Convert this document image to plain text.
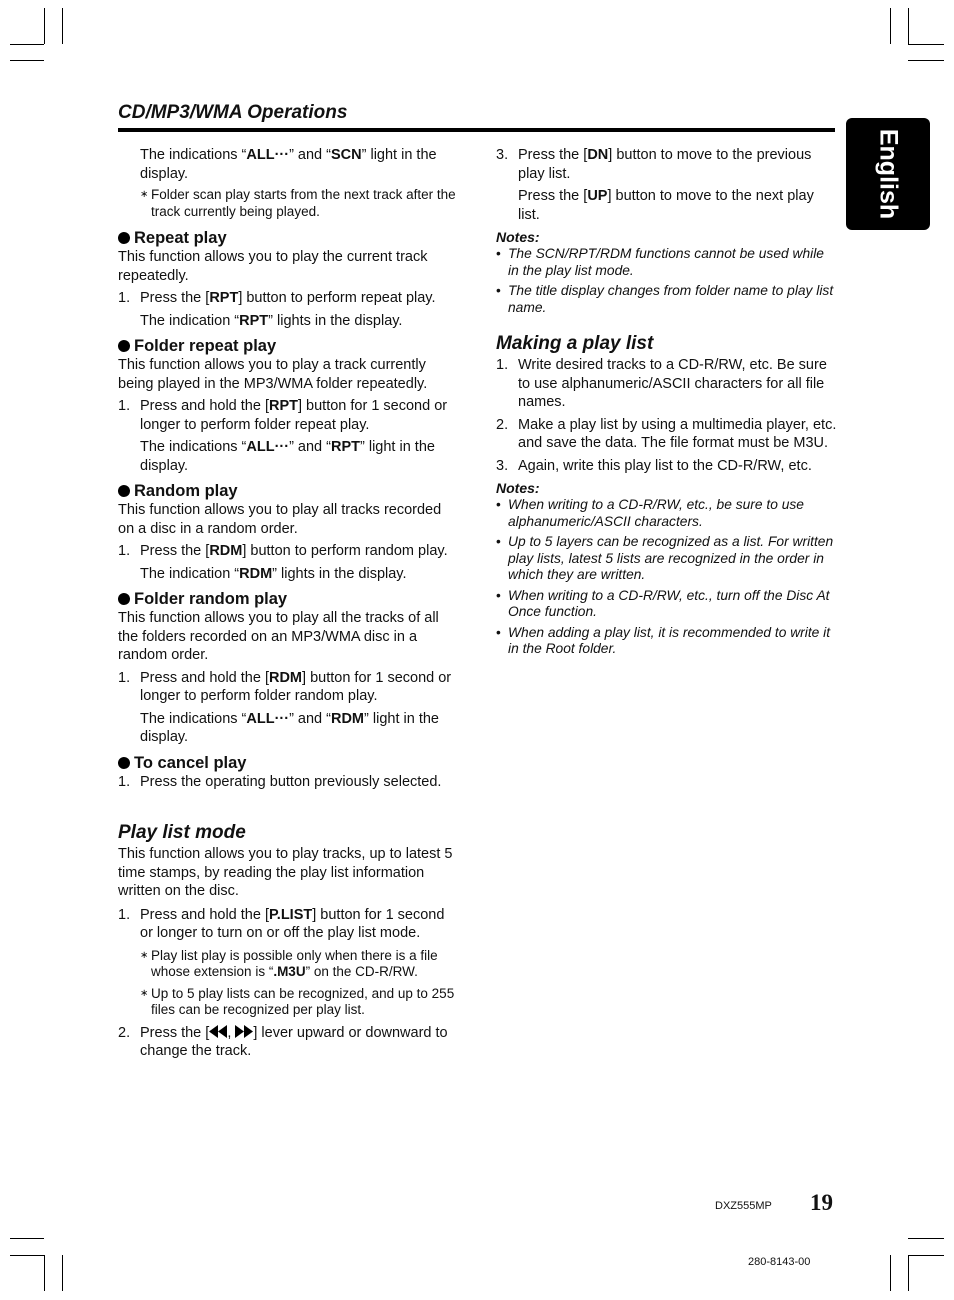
CD/MP3/WMA Operations
English

The indications “ALL···” and “SCN” light in the display.

∗ Folder scan play starts from the next track after the track currently being played.
Repeat play

This function allows you to play the current track repeatedly.

1. Press the [RPT] button to perform repeat play.

The indication “RPT” lights in the display.

Folder repeat play

This function allows you to play a track currently being played in the MP3/WMA folder repeatedly.

1. Press and hold the [RPT] button for 1 second or longer to perform folder repeat play.

The indications “ALL···” and “RPT” light in the display.

Random play

This function allows you to play all tracks recorded on a disc in a random order.

1. Press the [RDM] button to perform random play.

The indication “RDM” lights in the display.

Folder random play

This function allows you to play all the tracks of all the folders recorded on an MP3/WMA disc in a random order.

1. Press and hold the [RDM] button for 1 second or longer to perform folder random play.

The indications “ALL···” and “RDM” light in the display.

To cancel play
1. Press the operating button previously selected.
Play list mode

This function allows you to play tracks, up to latest 5 time stamps, by reading the play list information written on the disc.

1. Press and hold the [P.LIST] button for 1 second or longer to turn on or off the play list mode.
∗ Play list play is possible only when there is a file whose extension is “.M3U” on the CD-R/RW.
∗ Up to 5 play lists can be recognized, and up to 255 files can be recognized per play list.
2. Press the [ , ] lever upward or downward to change the track.
3. Press the [DN] button to move to the previous play list.

Press the [UP] button to move to the next play list.

Notes:
• The SCN/RPT/RDM functions cannot be used while in the play list mode.
• The title display changes from folder name to play list name.
Making a play list
1. Write desired tracks to a CD-R/RW, etc. Be sure to use alphanumeric/ASCII characters for all file names.
2. Make a play list by using a multimedia player, etc. and save the data. The file format must be M3U.
3. Again, write this play list to the CD-R/RW, etc.
Notes:
• When writing to a CD-R/RW, etc., be sure to use alphanumeric/ASCII characters.
• Up to 5 layers can be recognized as a list. For written play lists, latest 5 lists are recognized in the order in which they are written.
• When writing to a CD-R/RW, etc., turn off the Disc At Once function.
• When adding a play list, it is recommended to write it in the Root folder.
DXZ555MP 19
280-8143-00
